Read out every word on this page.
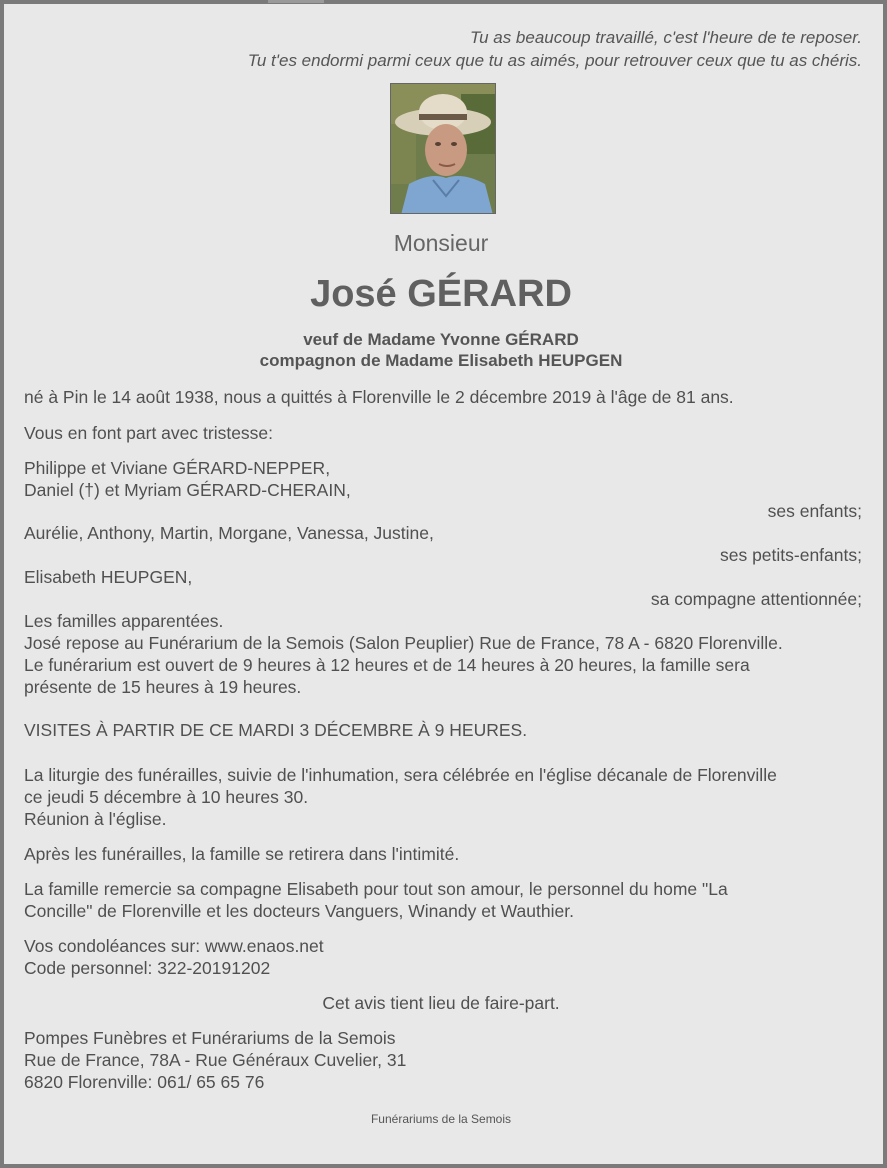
Tu as beaucoup travaillé, c'est l'heure de te reposer.
Tu t'es endormi parmi ceux que tu as aimés, pour retrouver ceux que tu as chéris.
Monsieur
José GÉRARD
veuf de Madame Yvonne GÉRARD
compagnon de Madame Elisabeth HEUPGEN
né à Pin le 14 août 1938, nous a quittés à Florenville le 2 décembre 2019 à l'âge de 81 ans.
Vous en font part avec tristesse:
Philippe et Viviane GÉRARD-NEPPER,
Daniel (†) et Myriam GÉRARD-CHERAIN,
ses enfants;
Aurélie, Anthony, Martin, Morgane, Vanessa, Justine,
ses petits-enfants;
Elisabeth HEUPGEN,
sa compagne attentionnée;
Les familles apparentées.
José repose au Funérarium de la Semois (Salon Peuplier) Rue de France, 78 A - 6820 Florenville.
Le funérarium est ouvert de 9 heures à 12 heures et de 14 heures à 20 heures, la famille sera
présente de 15 heures à 19 heures.
VISITES À PARTIR DE CE MARDI 3 DÉCEMBRE À 9 HEURES.
La liturgie des funérailles, suivie de l'inhumation, sera célébrée en l'église décanale de Florenville
ce jeudi 5 décembre à 10 heures 30.
Réunion à l'église.
Après les funérailles, la famille se retirera dans l'intimité.
La famille remercie sa compagne Elisabeth pour tout son amour, le personnel du home "La
Concille" de Florenville et les docteurs Vanguers, Winandy et Wauthier.
Vos condoléances sur: www.enaos.net
Code personnel: 322-20191202
Cet avis tient lieu de faire-part.
Pompes Funèbres et Funérariums de la Semois
Rue de France, 78A - Rue Généraux Cuvelier, 31
6820 Florenville: 061/ 65 65 76
Funérariums de la Semois
